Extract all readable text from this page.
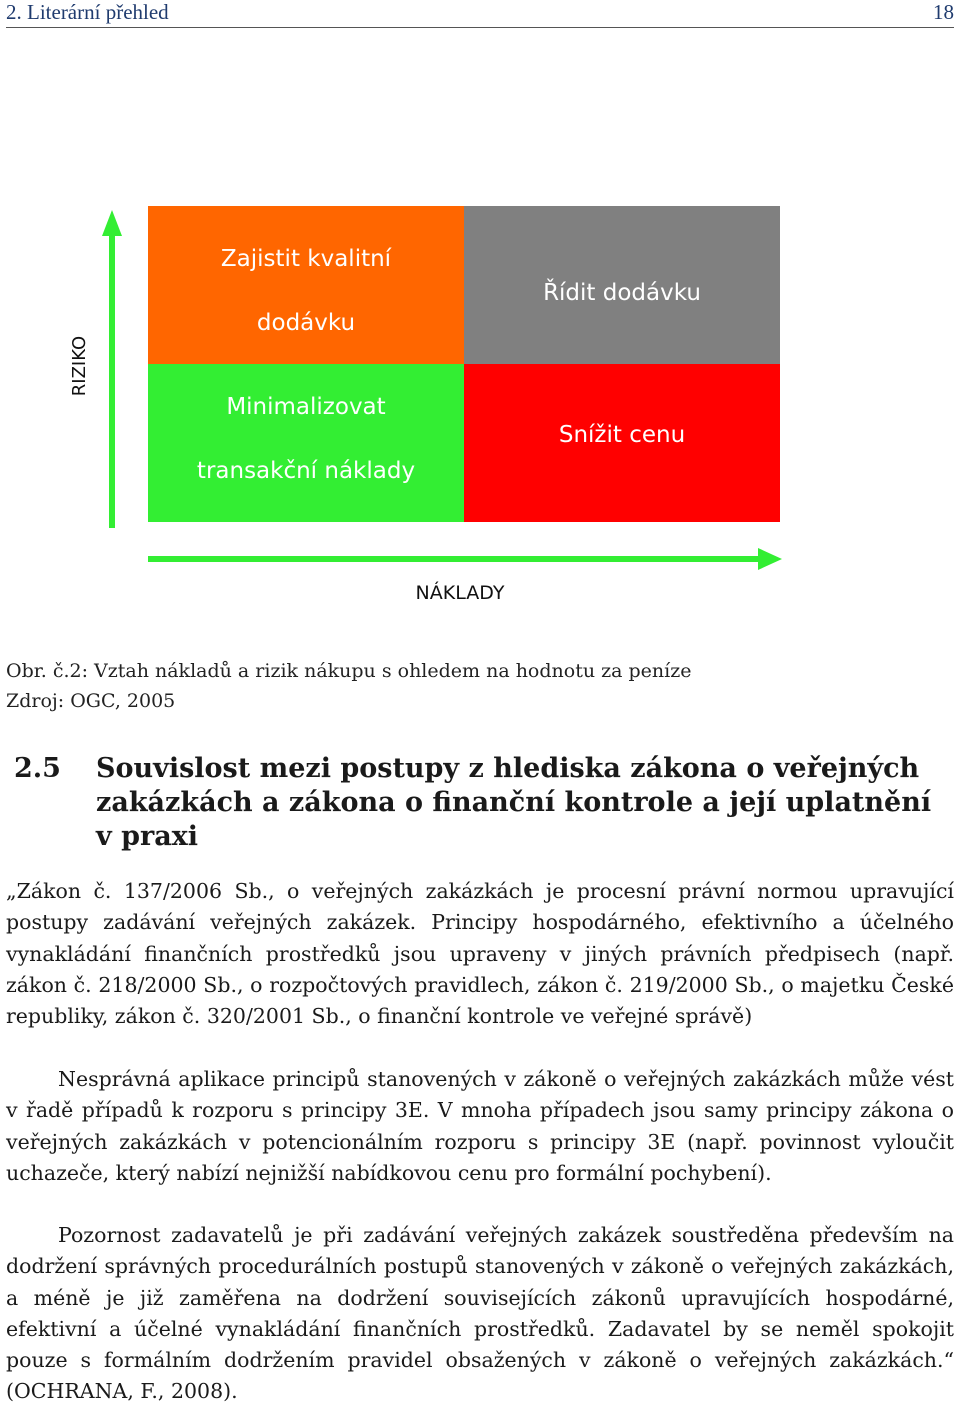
2. Literární přehled	18
Zajistit kvalitní
dodávku
Řídit dodávku
Minimalizovat
transakční náklady
Snížit cenu
RIZIKO
NÁKLADY
Obr. č.2: Vztah nákladů a rizik nákupu s ohledem na hodnotu za peníze
Zdroj: OGC, 2005
2.5 Souvislost mezi postupy z hlediska zákona o veřejných zakázkách a zákona o finanční kontrole a její uplatnění v praxi
„Zákon č. 137/2006 Sb., o veřejných zakázkách je procesní právní normou upravující postupy zadávání veřejných zakázek. Principy hospodárného, efektivního a účelného vynakládání finančních prostředků jsou upraveny v jiných právních předpisech (např. zákon č. 218/2000 Sb., o rozpočtových pravidlech, zákon č. 219/2000 Sb., o majetku České republiky, zákon č. 320/2001 Sb., o finanční kontrole ve veřejné správě)
Nesprávná aplikace principů stanovených v zákoně o veřejných zakázkách může vést v řadě případů k rozporu s principy 3E. V mnoha případech jsou samy principy zákona o veřejných zakázkách v potencionálním rozporu s principy 3E (např. povinnost vyloučit uchazeče, který nabízí nejnižší nabídkovou cenu pro formální pochybení).
Pozornost zadavatelů je při zadávání veřejných zakázek soustředěna především na dodržení správných procedurálních postupů stanovených v zákoně o veřejných zakázkách, a méně je již zaměřena na dodržení souvisejících zákonů upravujících hospodárné, efektivní a účelné vynakládání finančních prostředků. Zadavatel by se neměl spokojit pouze s formálním dodržením pravidel obsažených v zákoně o veřejných zakázkách.“ (OCHRANA, F., 2008).
